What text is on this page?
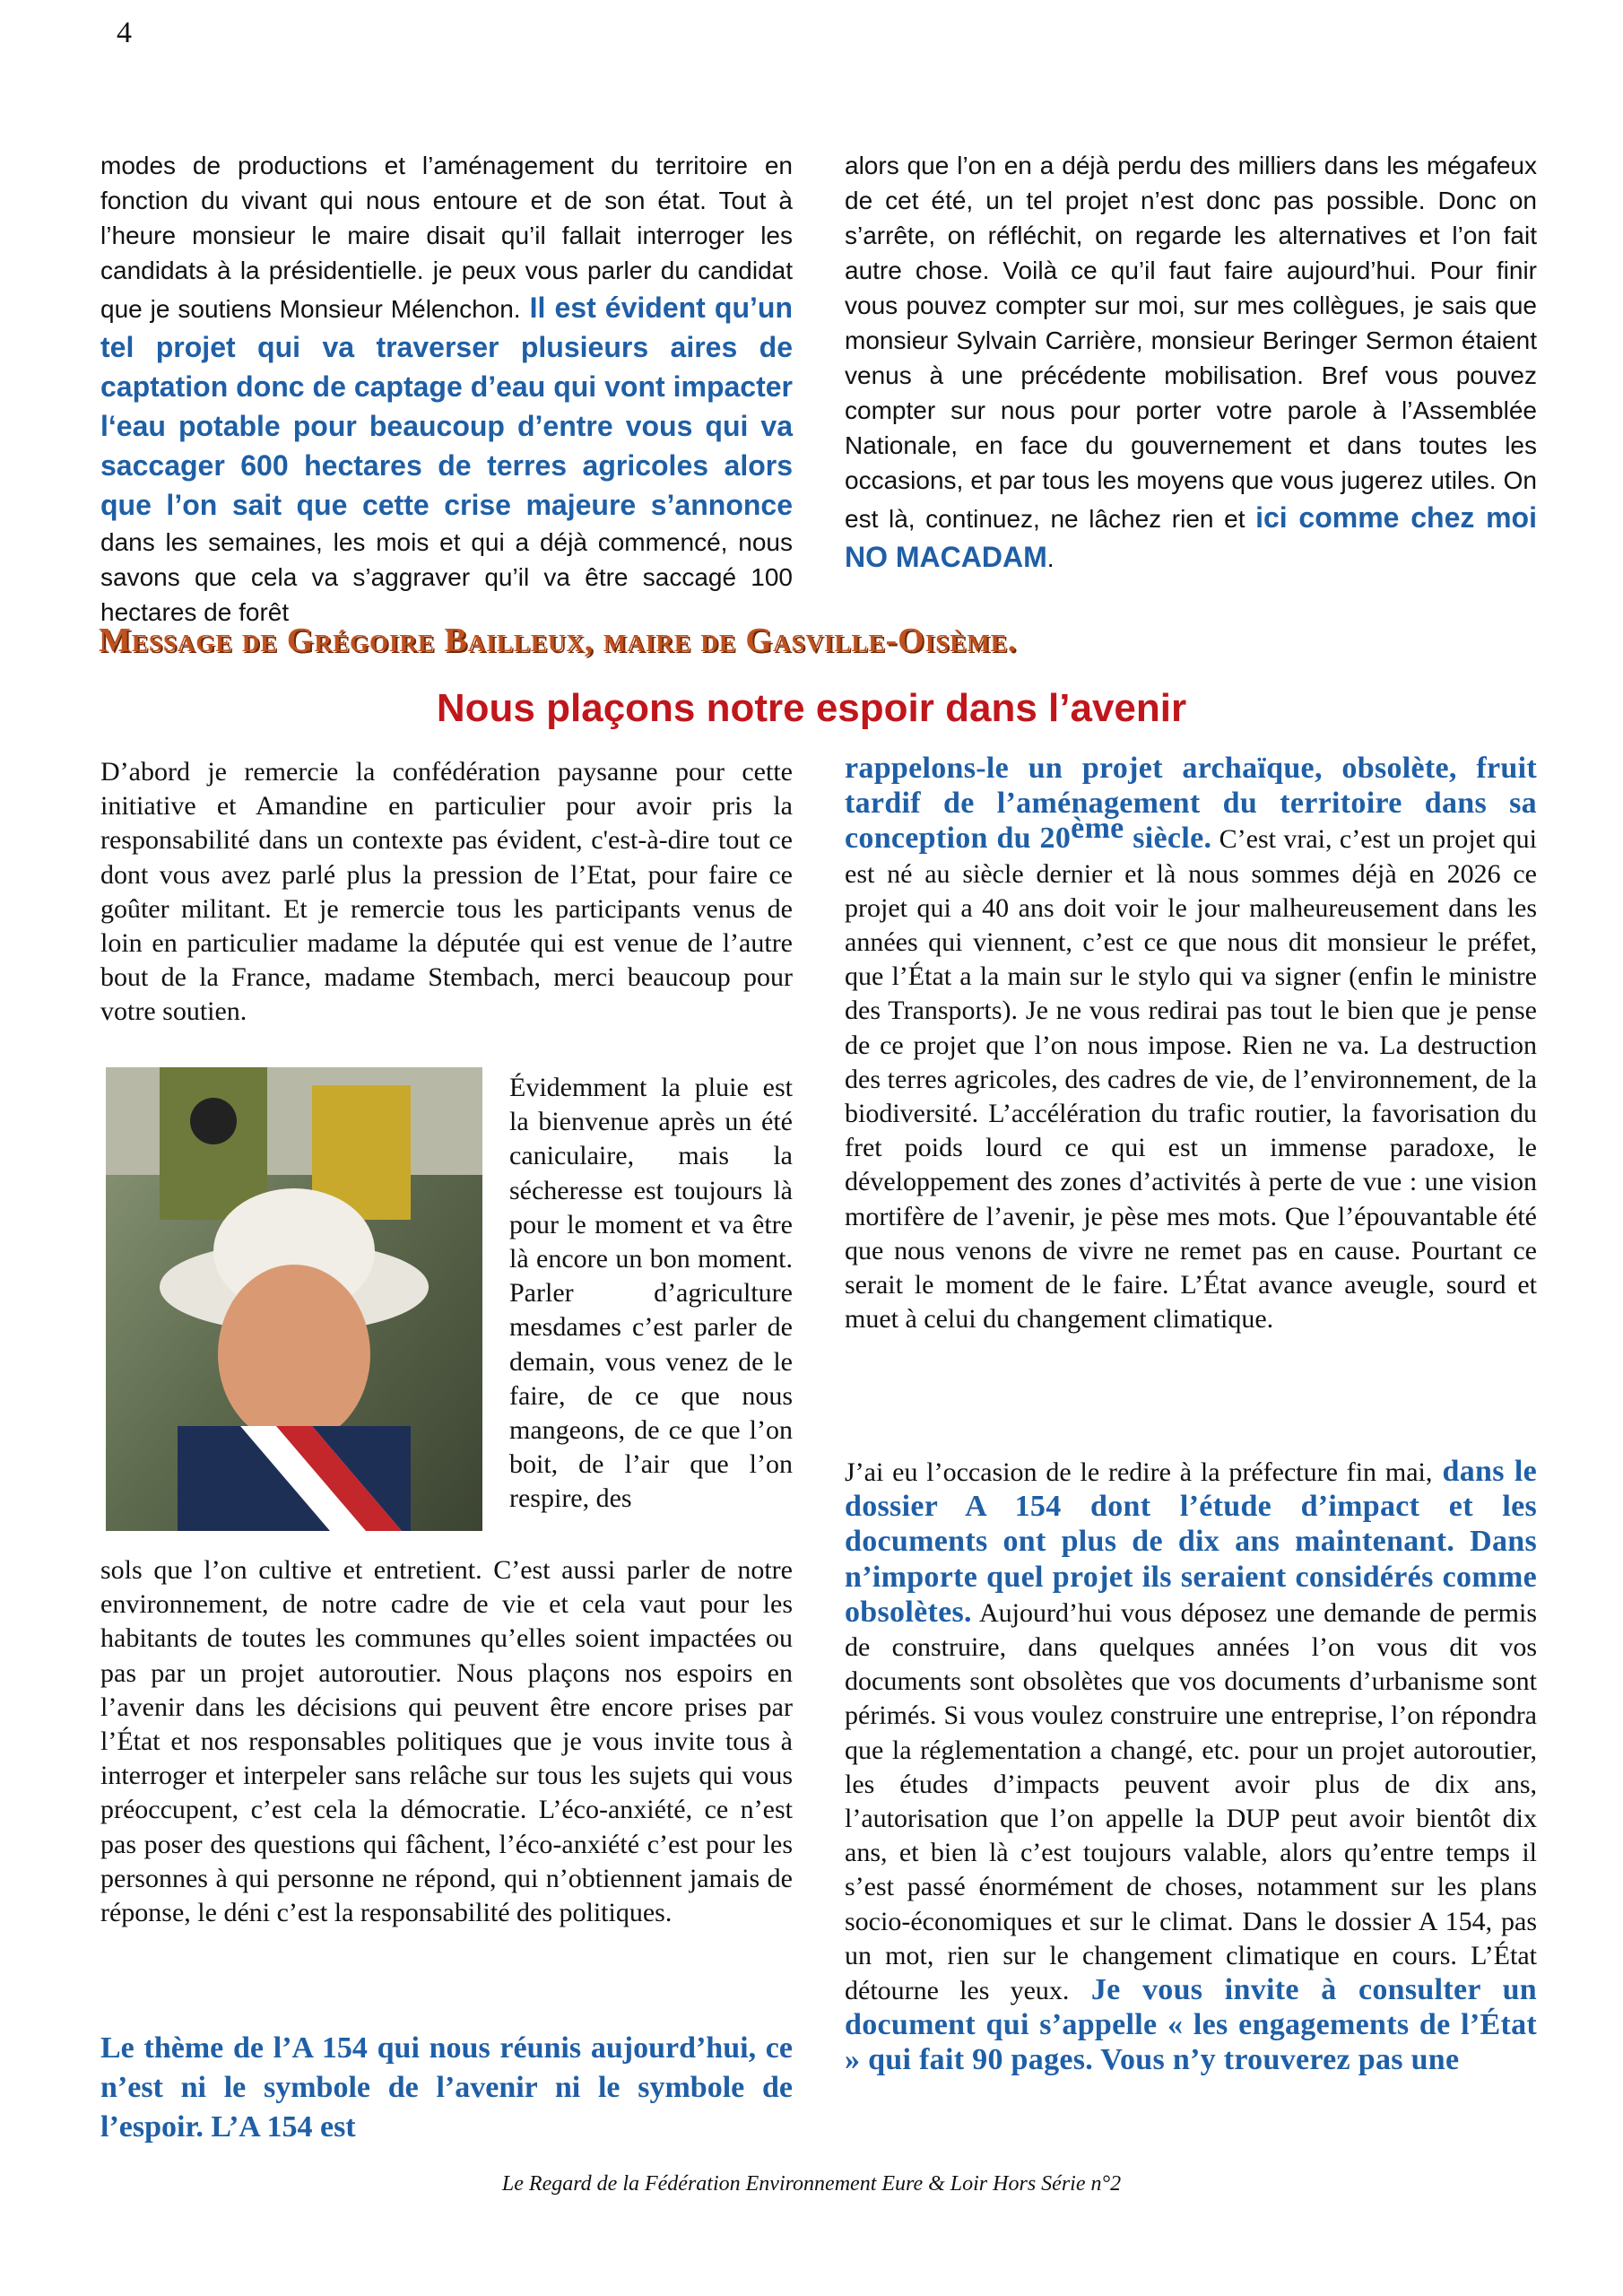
4
modes de productions et l’aménagement du territoire en fonction du vivant qui nous entoure et de son état. Tout à l’heure monsieur le maire disait qu’il fallait interroger les candidats à la présidentielle. je peux vous parler du candidat que je soutiens Monsieur Mélenchon. Il est évident qu’un tel projet qui va traverser plusieurs aires de captation donc de captage d’eau qui vont impacter l‘eau potable pour beaucoup d’entre vous qui va saccager 600 hectares de terres agricoles alors que l’on sait que cette crise majeure s’annonce dans les semaines, les mois et qui a déjà commencé, nous savons que cela va s’aggraver qu’il va être saccagé 100 hectares de forêt
alors que l’on en a déjà perdu des milliers dans les mégafeux de cet été, un tel projet n’est donc pas possible. Donc on s’arrête, on réfléchit, on regarde les alternatives et l’on fait autre chose. Voilà ce qu’il faut faire aujourd’hui. Pour finir vous pouvez compter sur moi, sur mes collègues, je sais que monsieur Sylvain Carrière, monsieur Beringer Sermon étaient venus à une précédente mobilisation. Bref vous pouvez compter sur nous pour porter votre parole à l’Assemblée Nationale, en face du gouvernement et dans toutes les occasions, et par tous les moyens que vous jugerez utiles. On est là, continuez, ne lâchez rien et ici comme chez moi NO MACADAM.
Message de Grégoire Bailleux, maire de Gasville-Oisème.
Nous plaçons notre espoir dans l’avenir
D’abord je remercie la confédération paysanne pour cette initiative et Amandine en particulier pour avoir pris la responsabilité dans un contexte pas évident, c'est-à-dire tout ce dont vous avez parlé plus la pression de l’Etat, pour faire ce goûter militant. Et je remercie tous les participants venus de loin en particulier madame la députée qui est venue de l’autre bout de la France, madame Stembach, merci beaucoup pour votre soutien.
Évidemment la pluie est la bienvenue après un été caniculaire, mais la sécheresse est toujours là pour le moment et va être là encore un bon moment. Parler d’agriculture mesdames c’est parler de demain, vous venez de le faire, de ce que nous mangeons, de ce que l’on boit, de l’air que l’on respire, des
sols que l’on cultive et entretient. C’est aussi parler de notre environnement, de notre cadre de vie et cela vaut pour les habitants de toutes les communes qu’elles soient impactées ou pas par un projet autoroutier. Nous plaçons nos espoirs en l’avenir dans les décisions qui peuvent être encore prises par l’État et nos responsables politiques que je vous invite tous à interroger et interpeler sans relâche sur tous les sujets qui vous préoccupent, c’est cela la démocratie. L’éco-anxiété, ce n’est pas poser des questions qui fâchent, l’éco-anxiété c’est pour les personnes à qui personne ne répond, qui n’obtiennent jamais de réponse, le déni c’est la responsabilité des politiques.
Le thème de l’A 154 qui nous réunis aujourd’hui, ce n’est ni le symbole de l’avenir ni le symbole de l’espoir. L’A 154 est
rappelons-le un projet archaïque, obsolète, fruit tardif de l’aménagement du territoire dans sa conception du 20ème siècle. C’est vrai, c’est un projet qui est né au siècle dernier et là nous sommes déjà en 2026 ce projet qui a 40 ans doit voir le jour malheureusement dans les années qui viennent, c’est ce que nous dit monsieur le préfet, que l’État a la main sur le stylo qui va signer (enfin le ministre des Transports). Je ne vous redirai pas tout le bien que je pense de ce projet que l’on nous impose. Rien ne va. La destruction des terres agricoles, des cadres de vie, de l’environnement, de la biodiversité. L’accélération du trafic routier, la favorisation du fret poids lourd ce qui est un immense paradoxe, le développement des zones d’activités à perte de vue : une vision mortifère de l’avenir, je pèse mes mots. Que l’épouvantable été que nous venons de vivre ne remet pas en cause. Pourtant ce serait le moment de le faire. L’État avance aveugle, sourd et muet à celui du changement climatique.
J’ai eu l’occasion de le redire à la préfecture fin mai, dans le dossier A 154 dont l’étude d’impact et les documents ont plus de dix ans maintenant. Dans n’importe quel projet ils seraient considérés comme obsolètes. Aujourd’hui vous déposez une demande de permis de construire, dans quelques années l’on vous dit vos documents sont obsolètes que vos documents d’urbanisme sont périmés. Si vous voulez construire une entreprise, l’on répondra que la réglementation a changé, etc. pour un projet autoroutier, les études d’impacts peuvent avoir plus de dix ans, l’autorisation que l’on appelle la DUP peut avoir bientôt dix ans, et bien là c’est toujours valable, alors qu’entre temps il s’est passé énormément de choses, notamment sur les plans socio-économiques et sur le climat. Dans le dossier A 154, pas un mot, rien sur le changement climatique en cours. L’État détourne les yeux. Je vous invite à consulter un document qui s’appelle « les engagements de l’État » qui fait 90 pages. Vous n’y trouverez pas une
Le Regard de la Fédération Environnement Eure & Loir Hors Série n°2
